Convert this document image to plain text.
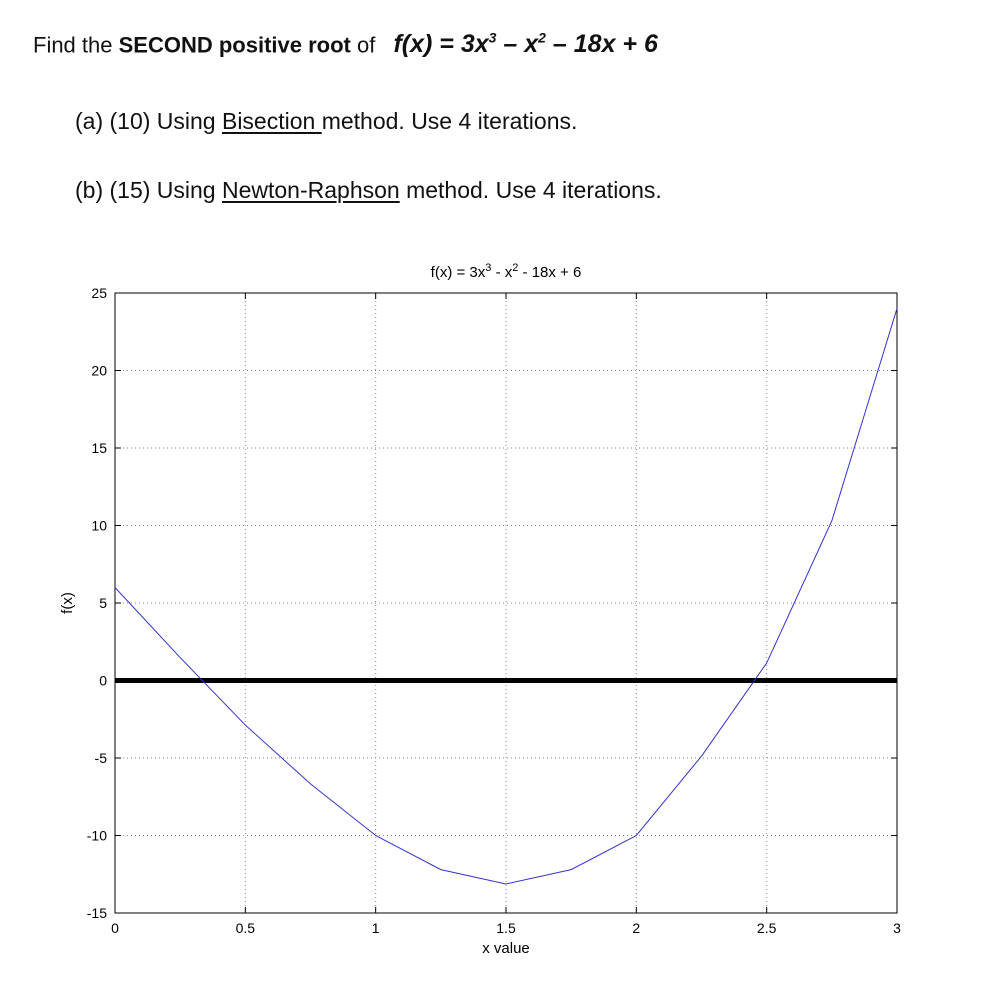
Find the SECOND positive root of $f(x) = 3x^3 - x^2 - 18x + 6$
(a) (10) Using Bisection method. Use 4 iterations.
(b) (15) Using Newton-Raphson method. Use 4 iterations.
0	0.5	1	1.5	2	2.5	3
-15
-10
-5
0
5
10
15
20
25
$f(x) = 3x^3 - x^2 - 18x + 6$
x value
f(x)
